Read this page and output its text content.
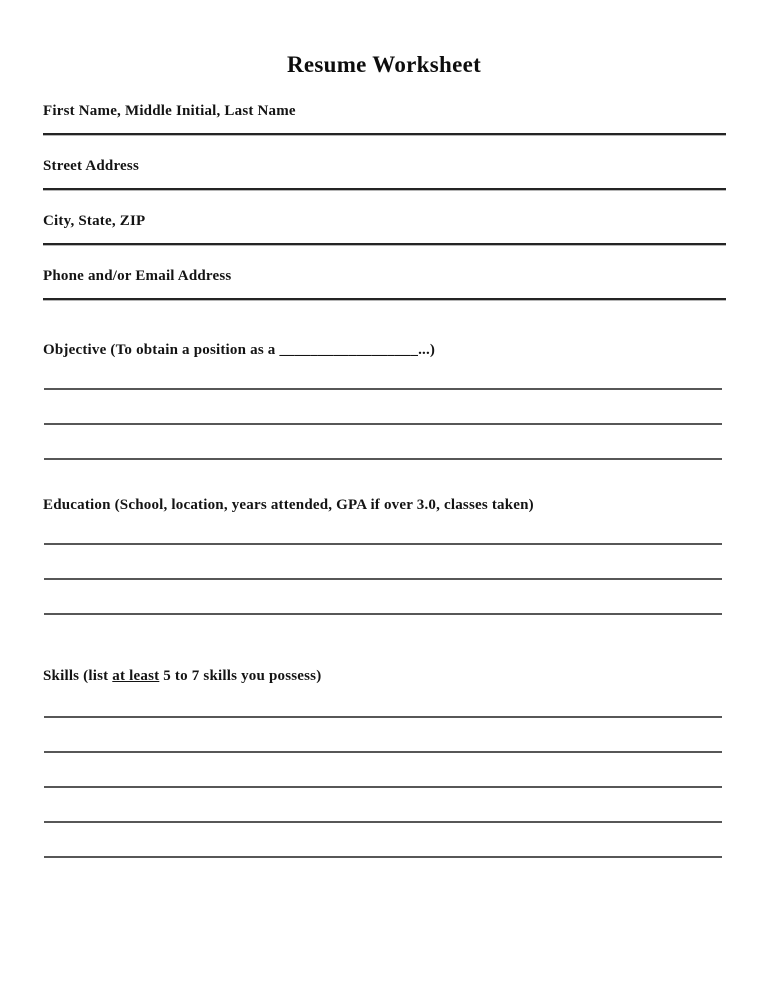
Resume Worksheet
First Name, Middle Initial, Last Name
Street Address
City, State, ZIP
Phone and/or Email Address
Objective (To obtain a position as a __________________...)
Education (School, location, years attended, GPA if over 3.0, classes taken)
Skills (list at least 5 to 7 skills you possess)
